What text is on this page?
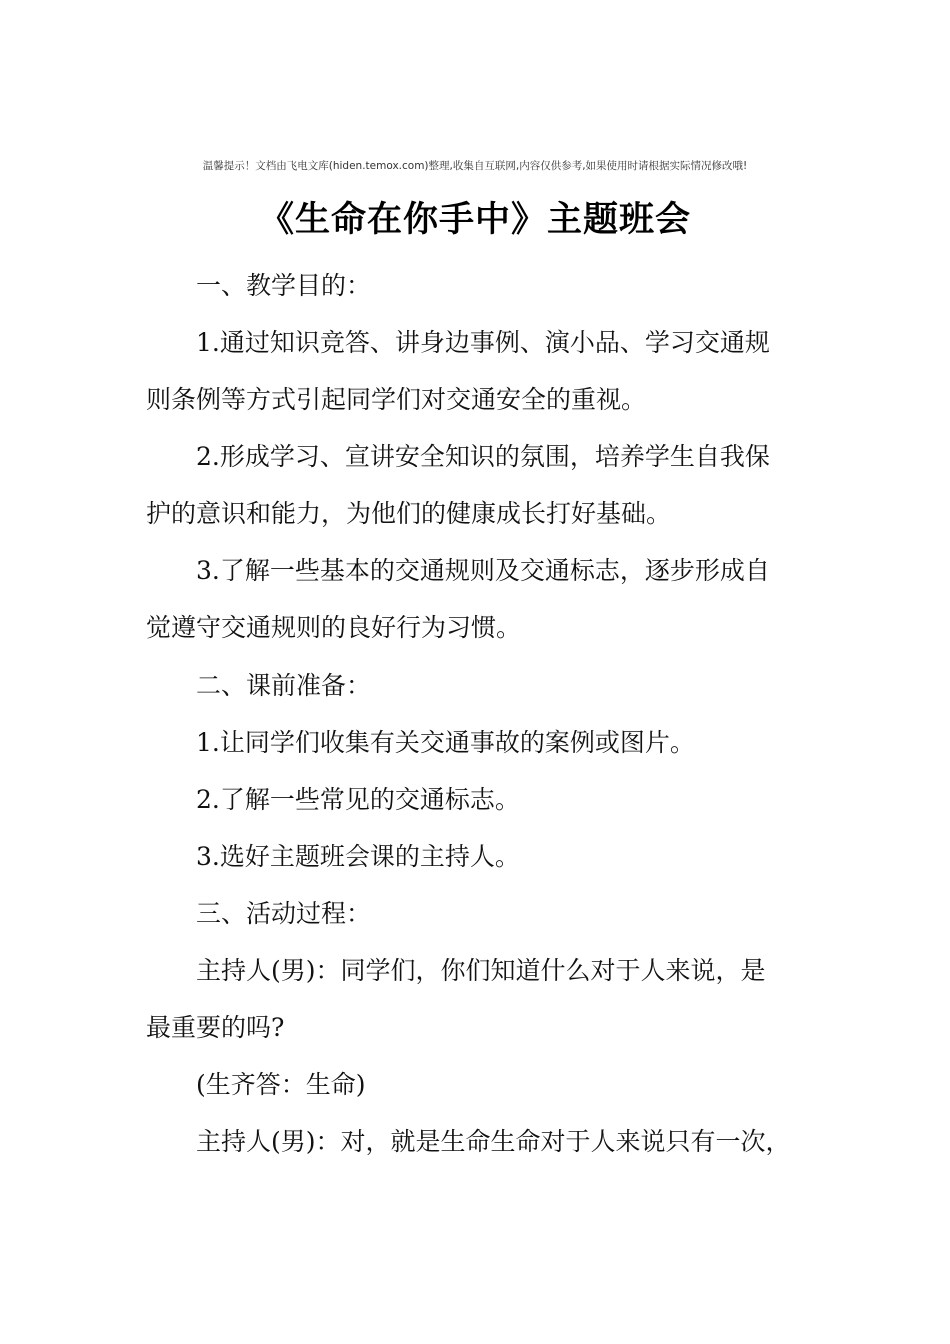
温馨提示！文档由飞电文库(hiden.temox.com)整理,收集自互联网,内容仅供参考,如果使用时请根据实际情况修改哦!
《生命在你手中》主题班会
一、教学目的：
1.通过知识竞答、讲身边事例、演小品、学习交通规
则条例等方式引起同学们对交通安全的重视。
2.形成学习、宣讲安全知识的氛围，培养学生自我保
护的意识和能力，为他们的健康成长打好基础。
3.了解一些基本的交通规则及交通标志，逐步形成自
觉遵守交通规则的良好行为习惯。
二、课前准备：
1.让同学们收集有关交通事故的案例或图片。
2.了解一些常见的交通标志。
3.选好主题班会课的主持人。
三、活动过程：
主持人(男)：同学们，你们知道什么对于人来说，是
最重要的吗?
(生齐答：生命)
主持人(男)：对，就是生命生命对于人来说只有一次，
